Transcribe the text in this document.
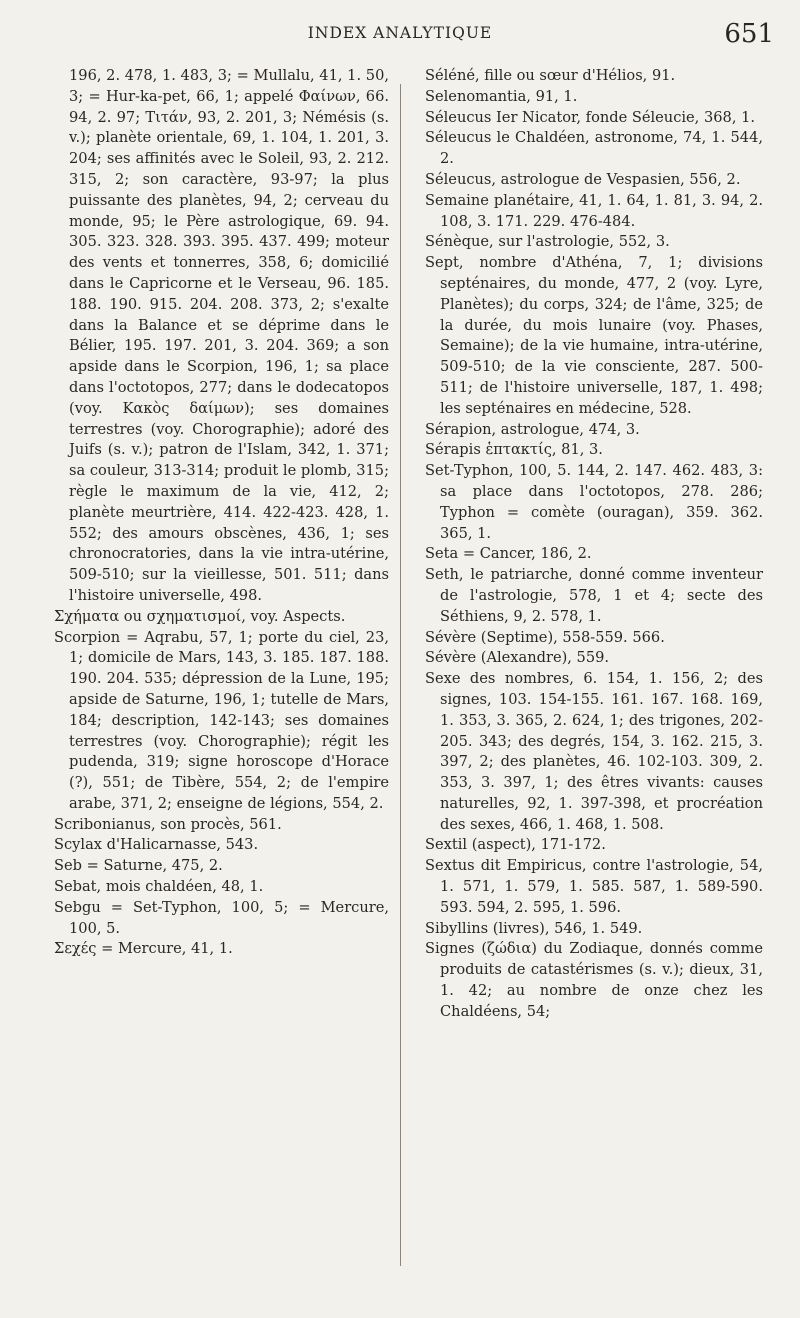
INDEX ANALYTIQUE	651

196, 2. 478, 1. 483, 3; = Mullalu, 41, 1. 50, 3; = Hur-ka-pet, 66, 1; appelé Φαίνων, 66. 94, 2. 97; Τιτάν, 93, 2. 201, 3; Némésis (s. v.); planète orientale, 69, 1. 104, 1. 201, 3. 204; ses affinités avec le Soleil, 93, 2. 212. 315, 2; son caractère, 93-97; la plus puissante des planètes, 94, 2; cerveau du monde, 95; le Père astrologique, 69. 94. 305. 323. 328. 393. 395. 437. 499; moteur des vents et tonnerres, 358, 6; domicilié dans le Capricorne et le Verseau, 96. 185. 188. 190. 915. 204. 208. 373, 2; s'exalte dans la Balance et se déprime dans le Bélier, 195. 197. 201, 3. 204. 369; a son apside dans le Scorpion, 196, 1; sa place dans l'octotopos, 277; dans le dodecatopos (voy. Κακὸς δαίμων); ses domaines terrestres (voy. Chorographie); adoré des Juifs (s. v.); patron de l'Islam, 342, 1. 371; sa couleur, 313-314; produit le plomb, 315; règle le maximum de la vie, 412, 2; planète meurtrière, 414. 422-423. 428, 1. 552; des amours obscènes, 436, 1; ses chronocratories, dans la vie intra-utérine, 509-510; sur la vieillesse, 501. 511; dans l'histoire universelle, 498.

Σχήματα ou σχηματισμοί, voy. Aspects.

Scorpion = Aqrabu, 57, 1; porte du ciel, 23, 1; domicile de Mars, 143, 3. 185. 187. 188. 190. 204. 535; dépression de la Lune, 195; apside de Saturne, 196, 1; tutelle de Mars, 184; description, 142-143; ses domaines terrestres (voy. Chorographie); régit les pudenda, 319; signe horoscope d'Horace (?), 551; de Tibère, 554, 2; de l'empire arabe, 371, 2; enseigne de légions, 554, 2.

Scribonianus, son procès, 561.

Scylax d'Halicarnasse, 543.

Seb = Saturne, 475, 2.

Sebat, mois chaldéen, 48, 1.

Sebgu = Set-Typhon, 100, 5; = Mercure, 100, 5.

Σεχές = Mercure, 41, 1.

Séléné, fille ou sœur d'Hélios, 91.

Selenomantia, 91, 1.

Séleucus Ier Nicator, fonde Séleucie, 368, 1.

Séleucus le Chaldéen, astronome, 74, 1. 544, 2.

Séleucus, astrologue de Vespasien, 556, 2.

Semaine planétaire, 41, 1. 64, 1. 81, 3. 94, 2. 108, 3. 171. 229. 476-484.

Sénèque, sur l'astrologie, 552, 3.

Sept, nombre d'Athéna, 7, 1; divisions septénaires, du monde, 477, 2 (voy. Lyre, Planètes); du corps, 324; de l'âme, 325; de la durée, du mois lunaire (voy. Phases, Semaine); de la vie humaine, intra-utérine, 509-510; de la vie consciente, 287. 500-511; de l'histoire universelle, 187, 1. 498; les septénaires en médecine, 528.

Sérapion, astrologue, 474, 3.

Sérapis ἑπτακτίς, 81, 3.

Set-Typhon, 100, 5. 144, 2. 147. 462. 483, 3: sa place dans l'octotopos, 278. 286; Typhon = comète (ouragan), 359. 362. 365, 1.

Seta = Cancer, 186, 2.

Seth, le patriarche, donné comme inventeur de l'astrologie, 578, 1 et 4; secte des Séthiens, 9, 2. 578, 1.

Sévère (Septime), 558-559. 566.

Sévère (Alexandre), 559.

Sexe des nombres, 6. 154, 1. 156, 2; des signes, 103. 154-155. 161. 167. 168. 169, 1. 353, 3. 365, 2. 624, 1; des trigones, 202-205. 343; des degrés, 154, 3. 162. 215, 3. 397, 2; des planètes, 46. 102-103. 309, 2. 353, 3. 397, 1; des êtres vivants: causes naturelles, 92, 1. 397-398, et procréation des sexes, 466, 1. 468, 1. 508.

Sextil (aspect), 171-172.

Sextus dit Empiricus, contre l'astrologie, 54, 1. 571, 1. 579, 1. 585. 587, 1. 589-590. 593. 594, 2. 595, 1. 596.

Sibyllins (livres), 546, 1. 549.

Signes (ζώδια) du Zodiaque, donnés comme produits de catastérismes (s. v.); dieux, 31, 1. 42; au nombre de onze chez les Chaldéens, 54;
